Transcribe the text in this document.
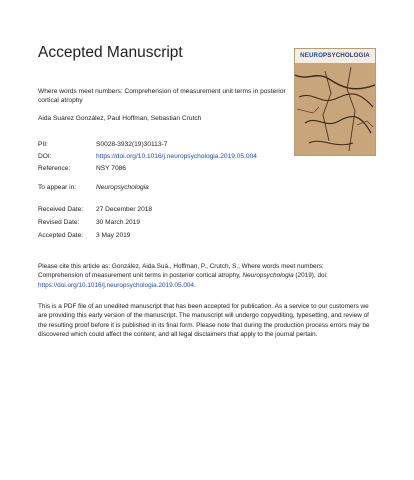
Accepted Manuscript	NEUROPSYCHOLOGIA
Where words meet numbers: Comprehension of measurement unit terms in posterior cortical atrophy
Aida Suárez González, Paul Hoffman, Sebastian Crutch
PII:	S0028-3932(19)30113-7
DOI:	https://doi.org/10.1016/j.neuropsychologia.2019.05.004
Reference:	NSY 7086
To appear in:	Neuropsychologia
Received Date: 27 December 2018
Revised Date:	30 March 2019
Accepted Date: 3 May 2019
Please cite this article as: González, Aida.Suá., Hoffman, P., Crutch, S., Where words meet numbers:
Comprehension of measurement unit terms in posterior cortical atrophy, Neuropsychologia (2019), doi:
https://doi.org/10.1016/j.neuropsychologia.2019.05.004.
This is a PDF file of an unedited manuscript that has been accepted for publication. As a service to our customers we are providing this early version of the manuscript. The manuscript will undergo copyediting, typesetting, and review of the resulting proof before it is published in its final form. Please note that during the production process errors may be discovered which could affect the content, and all legal disclaimers that apply to the journal pertain.
